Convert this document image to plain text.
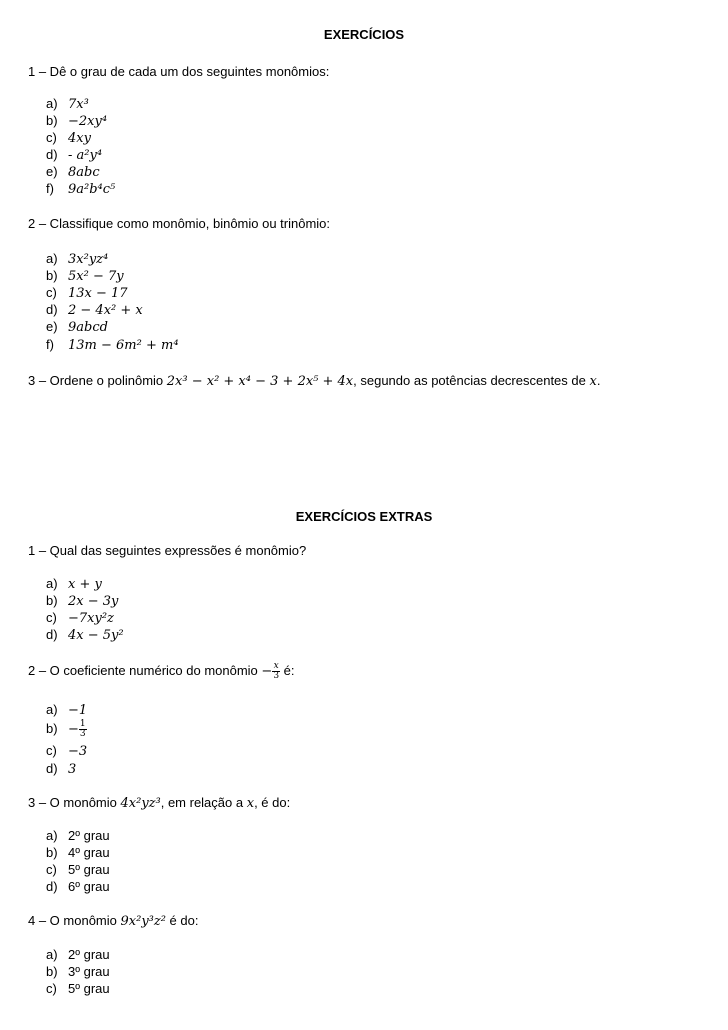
EXERCÍCIOS
1 – Dê o grau de cada um dos seguintes monômios:
a) 7x³
b) −2xy⁴
c) 4xy
d) - a²y⁴
e) 8abc
f) 9a²b⁴c⁵
2 – Classifique como monômio, binômio ou trinômio:
a) 3x²yz⁴
b) 5x² − 7y
c) 13x − 17
d) 2 − 4x² + x
e) 9abcd
f) 13m − 6m² + m⁴
3 – Ordene o polinômio 2x³ − x² + x⁴ − 3 + 2x⁵ + 4x, segundo as potências decrescentes de x.
EXERCÍCIOS EXTRAS
1 – Qual das seguintes expressões é monômio?
a) x + y
b) 2x − 3y
c) −7xy²z
d) 4x − 5y²
2 – O coeficiente numérico do monômio − $\frac{x}{3}$ é:
a) −1
$b) - \frac{1}{3}$
c) −3
d) 3
3 – O monômio 4x²yz³, em relação a x, é do:
a) 2º grau
b) 4º grau
c) 5º grau
d) 6º grau
4 – O monômio 9x²y³z² é do:
a) 2º grau
b) 3º grau
c) 5º grau
